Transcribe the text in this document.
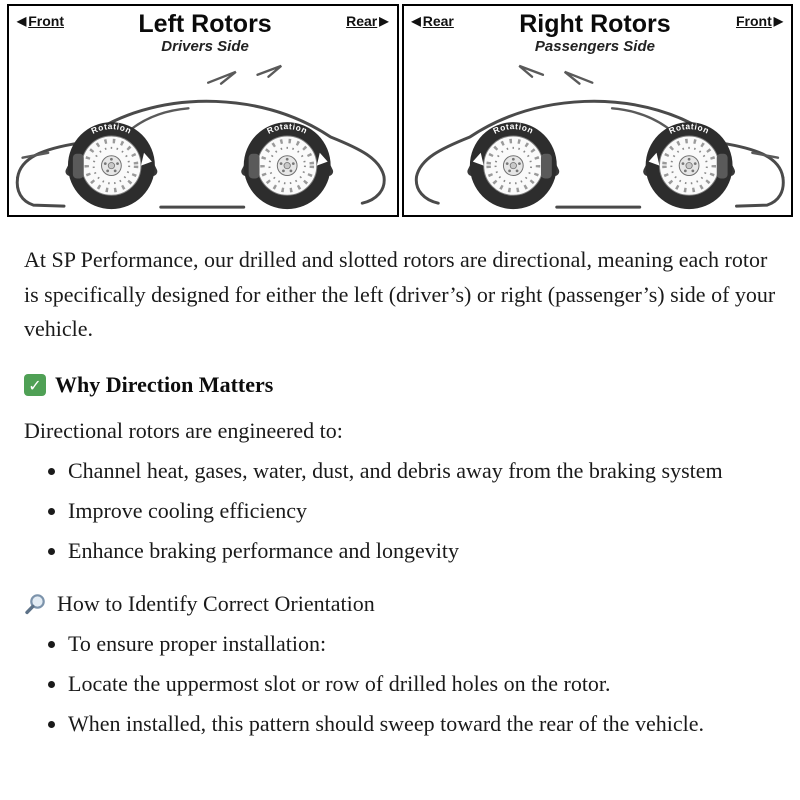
◀ Front	Left Rotors
Drivers Side
Rear ▶
Rotation	Rotation
◀ Rear	Right Rotors
Passengers Side
Front ▶
Rotation	Rotation

At SP Performance, our drilled and slotted rotors are directional, meaning each rotor is specifically designed for either the left (driver’s) or right (passenger’s) side of your vehicle.

✓ Why Direction Matters

Directional rotors are engineered to:

• Channel heat, gases, water, dust, and debris away from the braking system
• Improve cooling efficiency
• Enhance braking performance and longevity
How to Identify Correct Orientation
• To ensure proper installation:
• Locate the uppermost slot or row of drilled holes on the rotor.
• When installed, this pattern should sweep toward the rear of the vehicle.
